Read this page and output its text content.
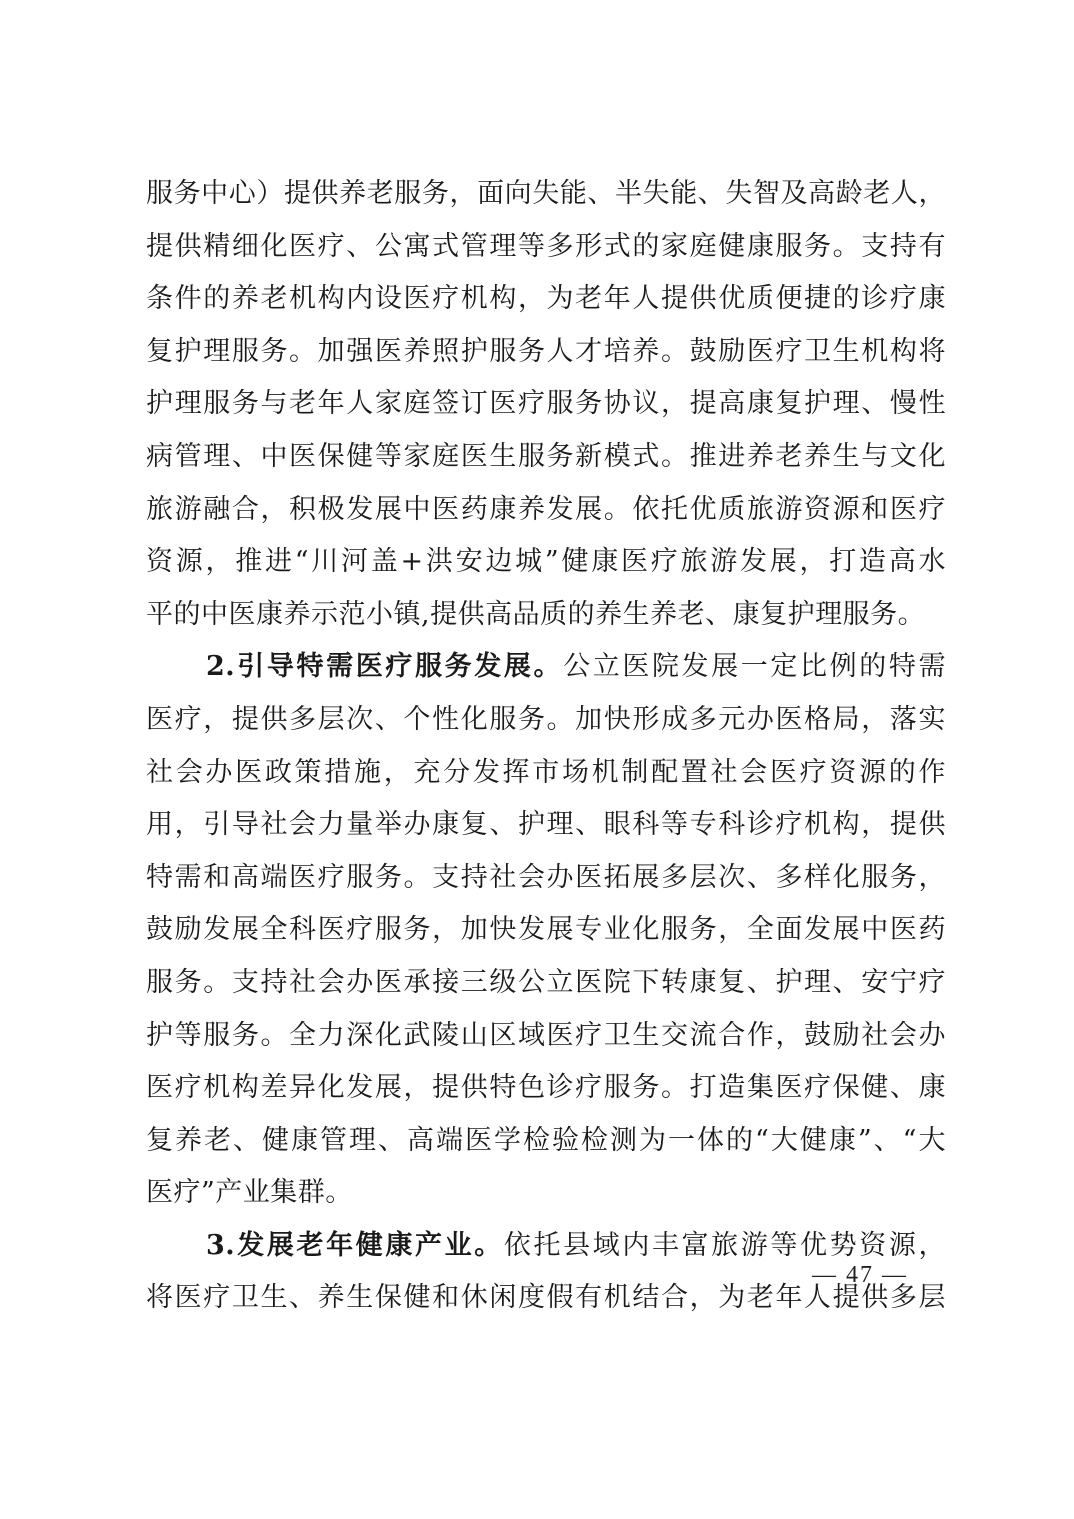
服务中心）提供养老服务，面向失能、半失能、失智及高龄老人，
提供精细化医疗、公寓式管理等多形式的家庭健康服务。支持有
条件的养老机构内设医疗机构，为老年人提供优质便捷的诊疗康
复护理服务。加强医养照护服务人才培养。鼓励医疗卫生机构将
护理服务与老年人家庭签订医疗服务协议，提高康复护理、慢性
病管理、中医保健等家庭医生服务新模式。推进养老养生与文化
旅游融合，积极发展中医药康养发展。依托优质旅游资源和医疗
资源，推进“川河盖+洪安边城”健康医疗旅游发展，打造高水
平的中医康养示范小镇,提供高品质的养生养老、康复护理服务。
2.引导特需医疗服务发展。公立医院发展一定比例的特需
医疗，提供多层次、个性化服务。加快形成多元办医格局，落实
社会办医政策措施，充分发挥市场机制配置社会医疗资源的作
用，引导社会力量举办康复、护理、眼科等专科诊疗机构，提供
特需和高端医疗服务。支持社会办医拓展多层次、多样化服务，
鼓励发展全科医疗服务，加快发展专业化服务，全面发展中医药
服务。支持社会办医承接三级公立医院下转康复、护理、安宁疗
护等服务。全力深化武陵山区域医疗卫生交流合作，鼓励社会办
医疗机构差异化发展，提供特色诊疗服务。打造集医疗保健、康
复养老、健康管理、高端医学检验检测为一体的“大健康”、“大
医疗”产业集群。
3.发展老年健康产业。依托县域内丰富旅游等优势资源，
将医疗卫生、养生保健和休闲度假有机结合，为老年人提供多层
— 47 —
